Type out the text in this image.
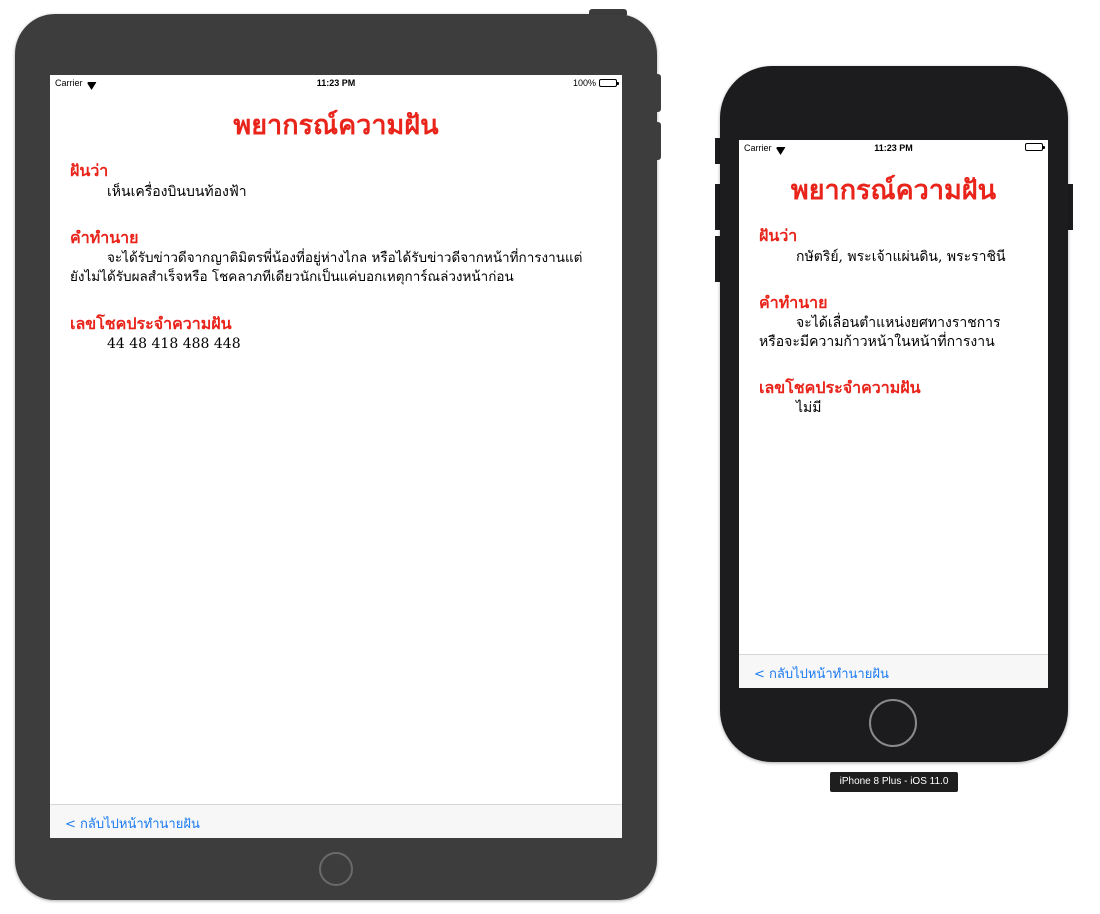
Carrier	11:23 PM	100%
พยากรณ์ความฝัน

ฝันว่า

เห็นเครื่องบินบนท้องฟ้า

คำทำนาย

จะได้รับข่าวดีจากญาติมิตรพี่น้องที่อยู่ห่างไกล หรือได้รับข่าวดีจากหน้าที่การงานแต่

ยังไม่ได้รับผลสำเร็จหรือ โชคลาภทีเดียวนักเป็นแค่บอกเหตุการ์ณล่วงหน้าก่อน

เลขโชคประจำความฝัน

44 48 418 488 448

< กลับไปหน้าทำนายฝัน
Carrier	11:23 PM
พยากรณ์ความฝัน

ฝันว่า

กษัตริย์, พระเจ้าแผ่นดิน, พระราชินี

คำทำนาย

จะได้เลื่อนตำแหน่งยศทางราชการ

หรือจะมีความก้าวหน้าในหน้าที่การงาน

เลขโชคประจำความฝัน

ไม่มี

< กลับไปหน้าทำนายฝัน
iPhone 8 Plus - iOS 11.0
